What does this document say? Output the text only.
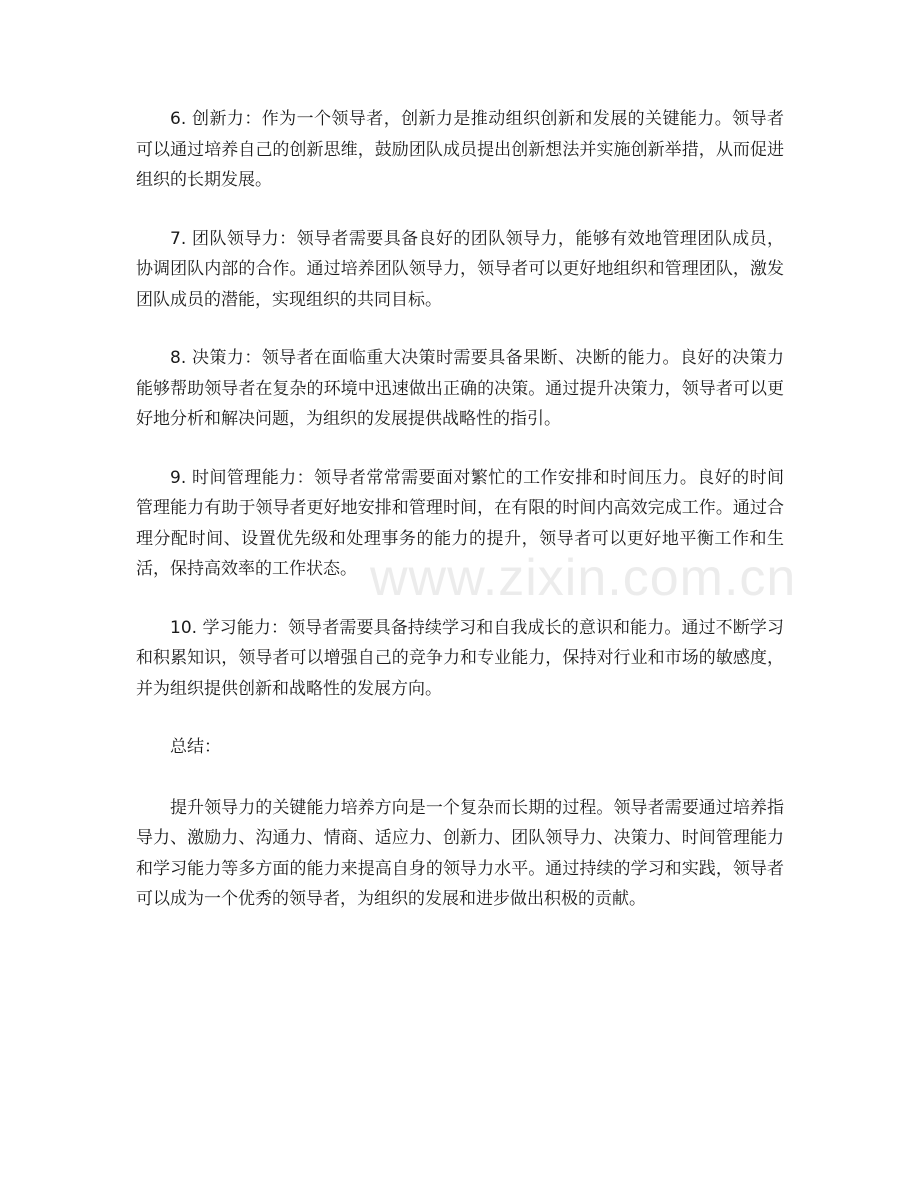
6. 创新力：作为一个领导者，创新力是推动组织创新和发展的关键能力。领导者可以通过培养自己的创新思维，鼓励团队成员提出创新想法并实施创新举措，从而促进组织的长期发展。

7. 团队领导力：领导者需要具备良好的团队领导力，能够有效地管理团队成员，协调团队内部的合作。通过培养团队领导力，领导者可以更好地组织和管理团队，激发团队成员的潜能，实现组织的共同目标。

8. 决策力：领导者在面临重大决策时需要具备果断、决断的能力。良好的决策力能够帮助领导者在复杂的环境中迅速做出正确的决策。通过提升决策力，领导者可以更好地分析和解决问题，为组织的发展提供战略性的指引。

9. 时间管理能力：领导者常常需要面对繁忙的工作安排和时间压力。良好的时间管理能力有助于领导者更好地安排和管理时间，在有限的时间内高效完成工作。通过合理分配时间、设置优先级和处理事务的能力的提升，领导者可以更好地平衡工作和生活，保持高效率的工作状态。

10. 学习能力：领导者需要具备持续学习和自我成长的意识和能力。通过不断学习和积累知识，领导者可以增强自己的竞争力和专业能力，保持对行业和市场的敏感度，并为组织提供创新和战略性的发展方向。

总结：

提升领导力的关键能力培养方向是一个复杂而长期的过程。领导者需要通过培养指导力、激励力、沟通力、情商、适应力、创新力、团队领导力、决策力、时间管理能力和学习能力等多方面的能力来提高自身的领导力水平。通过持续的学习和实践，领导者可以成为一个优秀的领导者，为组织的发展和进步做出积极的贡献。

www.zixin.com.cn
